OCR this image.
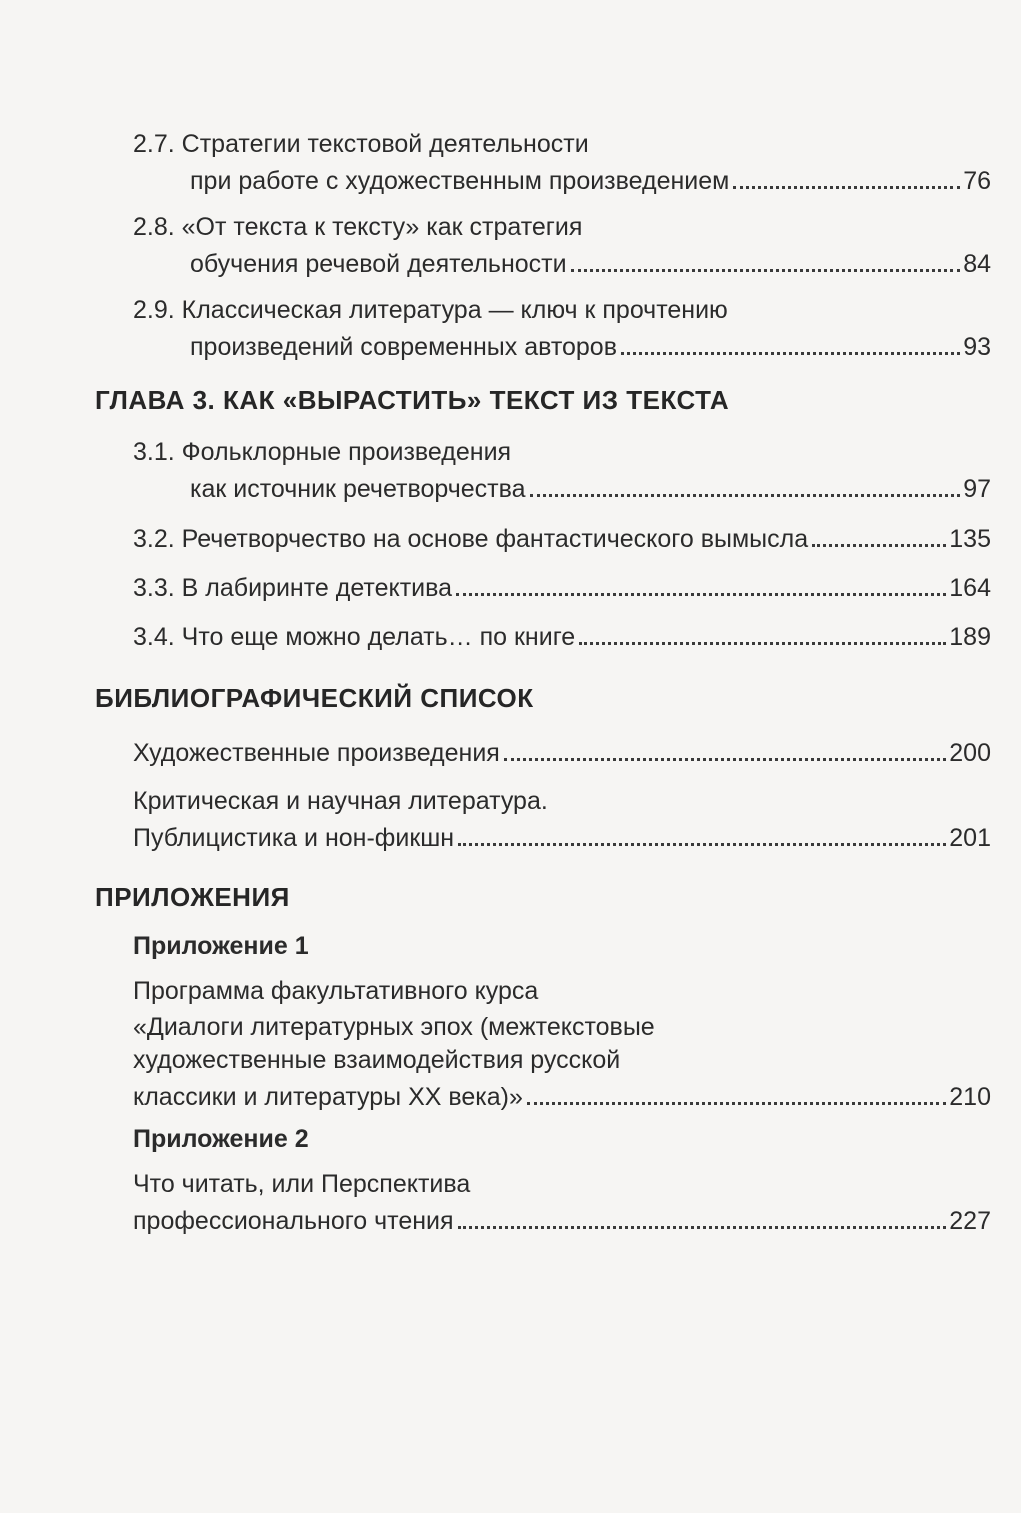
2.7. Стратегии текстовой деятельности
при работе с художественным произведением	76
2.8. «От текста к тексту» как стратегия
обучения речевой деятельности	84
2.9. Классическая литература — ключ к прочтению
произведений современных авторов	93
ГЛАВА 3. КАК «ВЫРАСТИТЬ» ТЕКСТ ИЗ ТЕКСТА
3.1. Фольклорные произведения
как источник речетворчества	97
3.2. Речетворчество на основе фантастического вымысла	135
3.3. В лабиринте детектива	164
3.4. Что еще можно делать… по книге	189
БИБЛИОГРАФИЧЕСКИЙ СПИСОК
Художественные произведения	200
Критическая и научная литература.
Публицистика и нон-фикшн	201
ПРИЛОЖЕНИЯ
Приложение 1
Программа факультативного курса
«Диалоги литературных эпох (межтекстовые
художественные взаимодействия русской
классики и литературы XX века)»	210
Приложение 2
Что читать, или Перспектива
профессионального чтения	227
